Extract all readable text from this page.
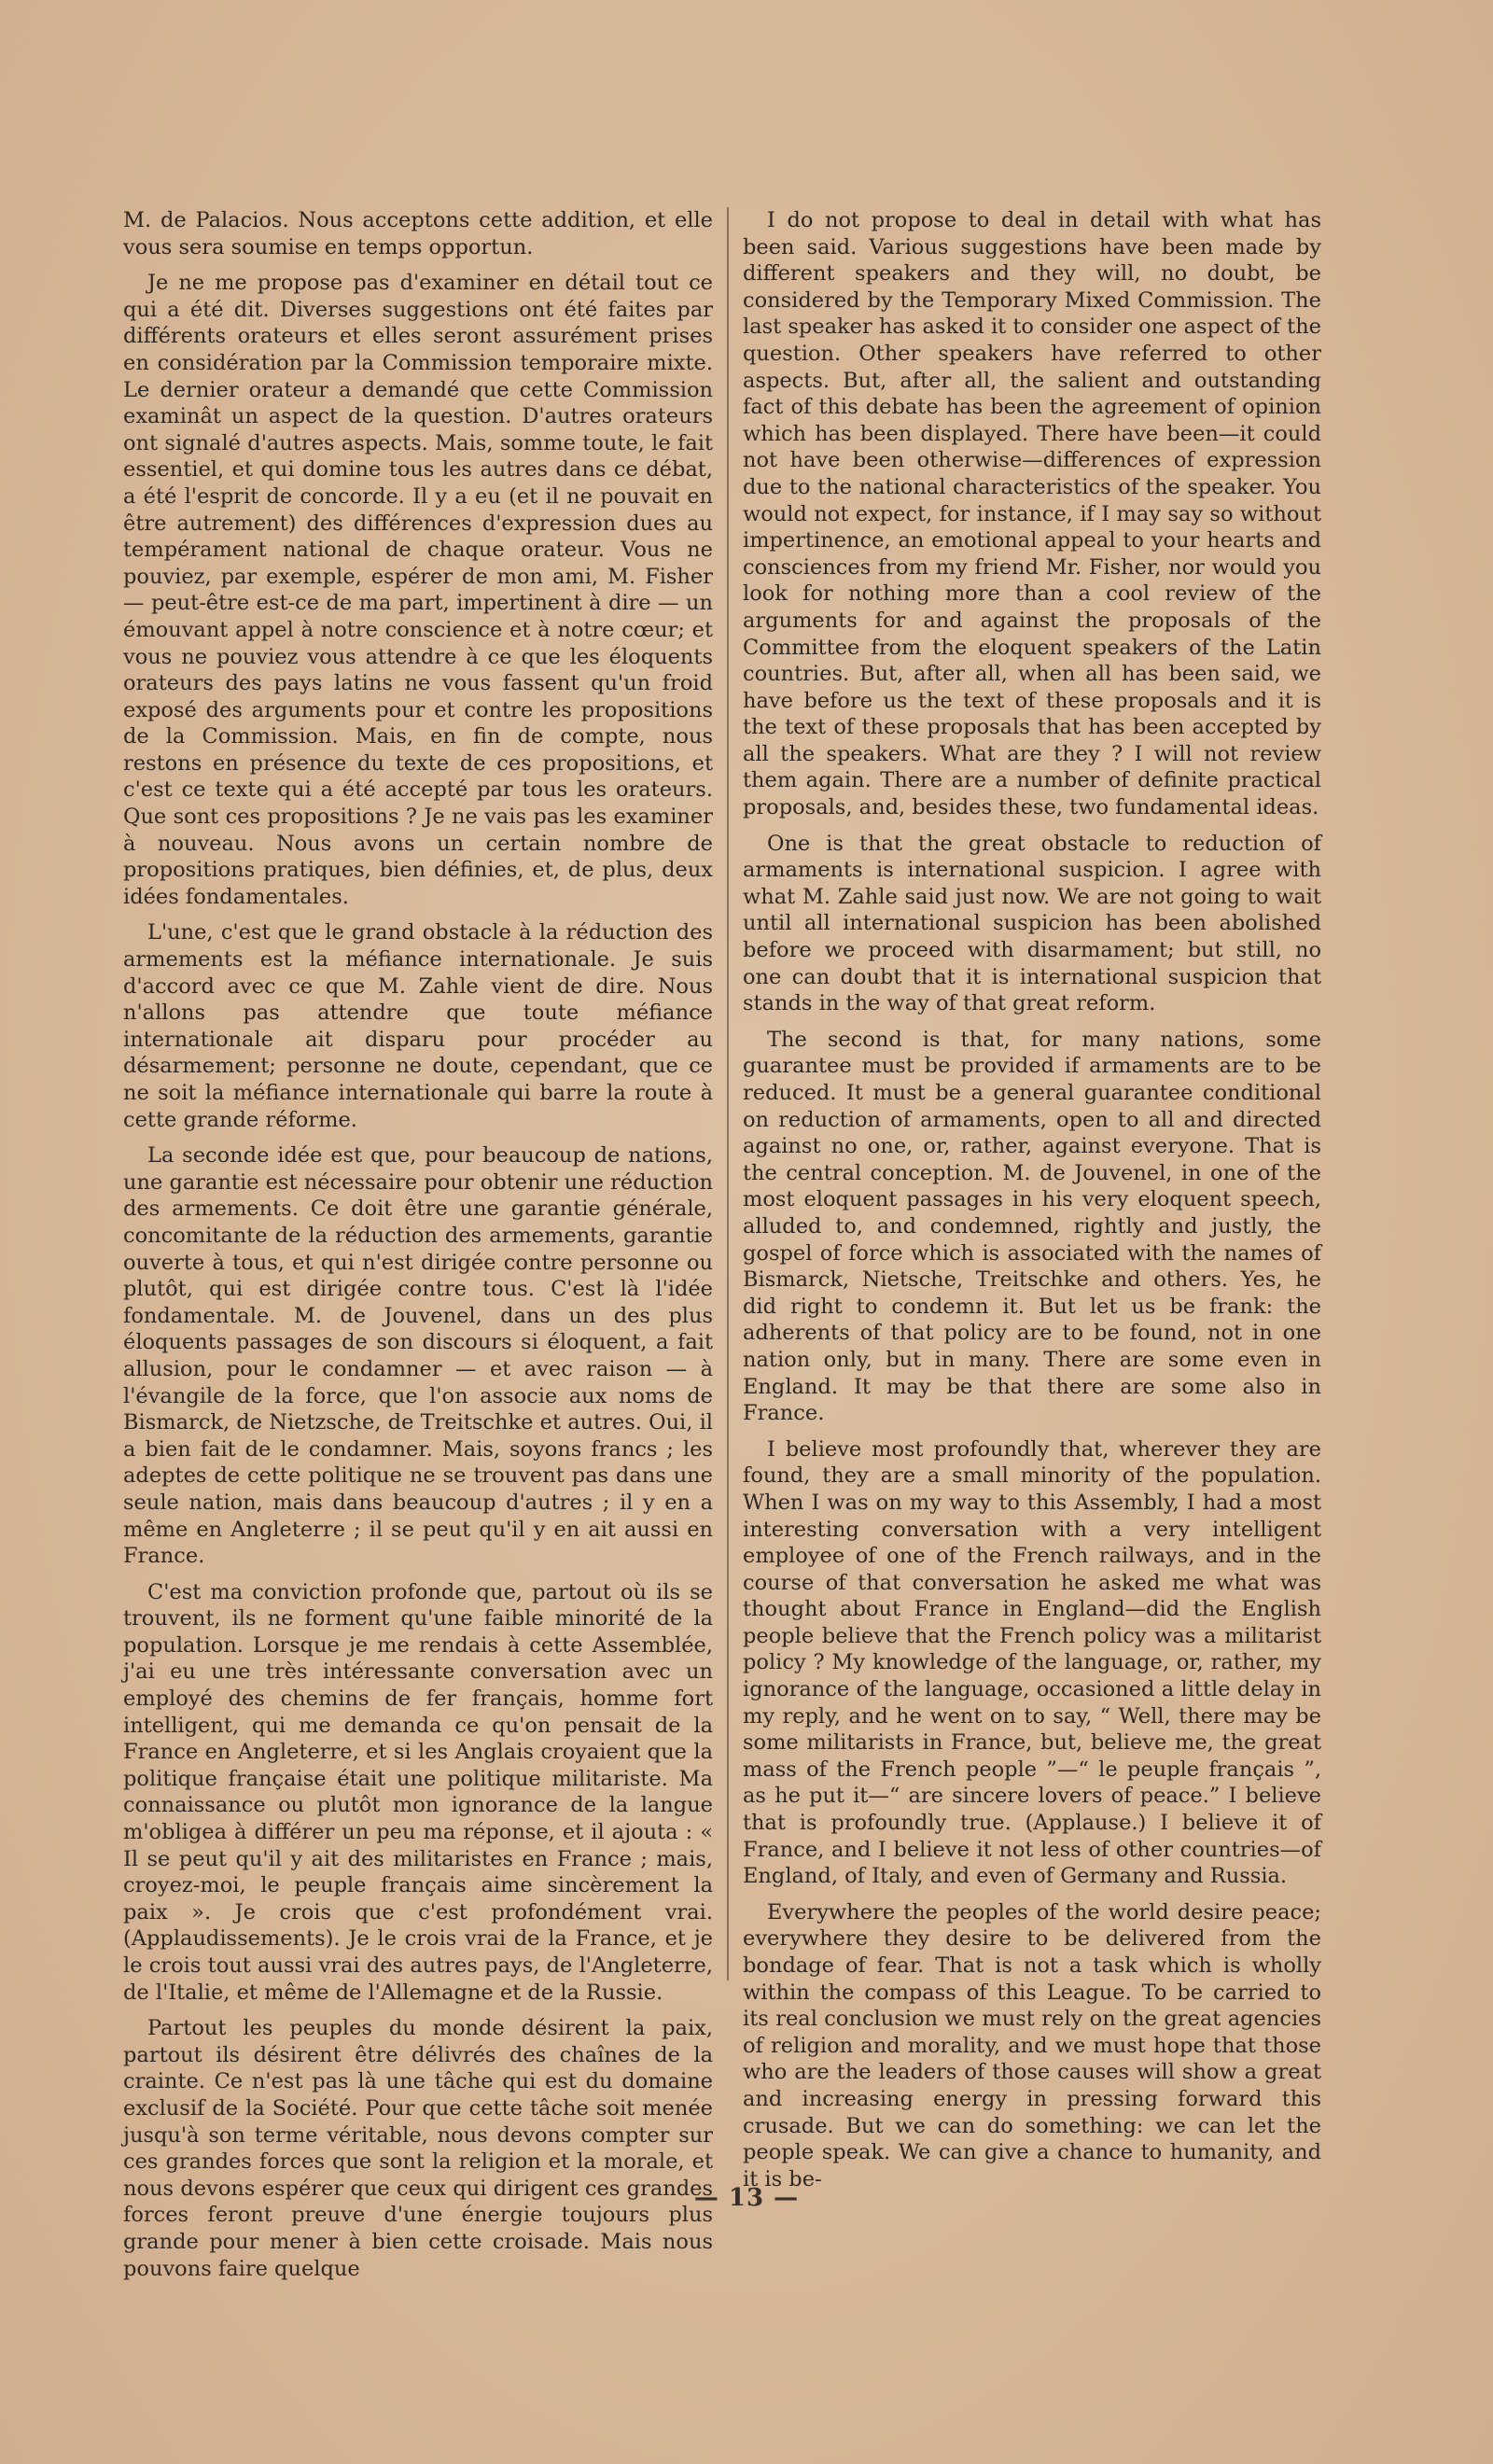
M. de Palacios. Nous acceptons cette addition, et elle vous sera soumise en temps opportun.

Je ne me propose pas d'examiner en détail tout ce qui a été dit. Diverses suggestions ont été faites par différents orateurs et elles seront assurément prises en considération par la Commission temporaire mixte. Le dernier orateur a demandé que cette Commission examinât un aspect de la question. D'autres orateurs ont signalé d'autres aspects. Mais, somme toute, le fait essentiel, et qui domine tous les autres dans ce débat, a été l'esprit de concorde. Il y a eu (et il ne pouvait en être autrement) des différences d'expression dues au tempérament national de chaque orateur. Vous ne pouviez, par exemple, espérer de mon ami, M. Fisher — peut-être est-ce de ma part, impertinent à dire — un émouvant appel à notre conscience et à notre cœur; et vous ne pouviez vous attendre à ce que les éloquents orateurs des pays latins ne vous fassent qu'un froid exposé des arguments pour et contre les propositions de la Commission. Mais, en fin de compte, nous restons en présence du texte de ces propositions, et c'est ce texte qui a été accepté par tous les orateurs. Que sont ces propositions ? Je ne vais pas les examiner à nouveau. Nous avons un certain nombre de propositions pratiques, bien définies, et, de plus, deux idées fondamentales.

L'une, c'est que le grand obstacle à la réduction des armements est la méfiance internationale. Je suis d'accord avec ce que M. Zahle vient de dire. Nous n'allons pas attendre que toute méfiance internationale ait disparu pour procéder au désarmement; personne ne doute, cependant, que ce ne soit la méfiance internationale qui barre la route à cette grande réforme.

La seconde idée est que, pour beaucoup de nations, une garantie est nécessaire pour obtenir une réduction des armements. Ce doit être une garantie générale, concomitante de la réduction des armements, garantie ouverte à tous, et qui n'est dirigée contre personne ou plutôt, qui est dirigée contre tous. C'est là l'idée fondamentale. M. de Jouvenel, dans un des plus éloquents passages de son discours si éloquent, a fait allusion, pour le condamner — et avec raison — à l'évangile de la force, que l'on associe aux noms de Bismarck, de Nietzsche, de Treitschke et autres. Oui, il a bien fait de le condamner. Mais, soyons francs ; les adeptes de cette politique ne se trouvent pas dans une seule nation, mais dans beaucoup d'autres ; il y en a même en Angleterre ; il se peut qu'il y en ait aussi en France.

C'est ma conviction profonde que, partout où ils se trouvent, ils ne forment qu'une faible minorité de la population. Lorsque je me rendais à cette Assemblée, j'ai eu une très intéressante conversation avec un employé des chemins de fer français, homme fort intelligent, qui me demanda ce qu'on pensait de la France en Angleterre, et si les Anglais croyaient que la politique française était une politique militariste. Ma connaissance ou plutôt mon ignorance de la langue m'obligea à différer un peu ma réponse, et il ajouta : « Il se peut qu'il y ait des militaristes en France ; mais, croyez-moi, le peuple français aime sincèrement la paix ». Je crois que c'est profondément vrai. (Applaudissements). Je le crois vrai de la France, et je le crois tout aussi vrai des autres pays, de l'Angleterre, de l'Italie, et même de l'Allemagne et de la Russie.

Partout les peuples du monde désirent la paix, partout ils désirent être délivrés des chaînes de la crainte. Ce n'est pas là une tâche qui est du domaine exclusif de la Société. Pour que cette tâche soit menée jusqu'à son terme véritable, nous devons compter sur ces grandes forces que sont la religion et la morale, et nous devons espérer que ceux qui dirigent ces grandes forces feront preuve d'une énergie toujours plus grande pour mener à bien cette croisade. Mais nous pouvons faire quelque

I do not propose to deal in detail with what has been said. Various suggestions have been made by different speakers and they will, no doubt, be considered by the Temporary Mixed Commission. The last speaker has asked it to consider one aspect of the question. Other speakers have referred to other aspects. But, after all, the salient and outstanding fact of this debate has been the agreement of opinion which has been displayed. There have been—it could not have been otherwise—differences of expression due to the national characteristics of the speaker. You would not expect, for instance, if I may say so without impertinence, an emotional appeal to your hearts and consciences from my friend Mr. Fisher, nor would you look for nothing more than a cool review of the arguments for and against the proposals of the Committee from the eloquent speakers of the Latin countries. But, after all, when all has been said, we have before us the text of these proposals and it is the text of these proposals that has been accepted by all the speakers. What are they ? I will not review them again. There are a number of definite practical proposals, and, besides these, two fundamental ideas.

One is that the great obstacle to reduction of armaments is international suspicion. I agree with what M. Zahle said just now. We are not going to wait until all international suspicion has been abolished before we proceed with disarmament; but still, no one can doubt that it is international suspicion that stands in the way of that great reform.

The second is that, for many nations, some guarantee must be provided if armaments are to be reduced. It must be a general guarantee conditional on reduction of armaments, open to all and directed against no one, or, rather, against everyone. That is the central conception. M. de Jouvenel, in one of the most eloquent passages in his very eloquent speech, alluded to, and condemned, rightly and justly, the gospel of force which is associated with the names of Bismarck, Nietsche, Treitschke and others. Yes, he did right to condemn it. But let us be frank: the adherents of that policy are to be found, not in one nation only, but in many. There are some even in England. It may be that there are some also in France.

I believe most profoundly that, wherever they are found, they are a small minority of the population. When I was on my way to this Assembly, I had a most interesting conversation with a very intelligent employee of one of the French railways, and in the course of that conversation he asked me what was thought about France in England—did the English people believe that the French policy was a militarist policy ? My knowledge of the language, or, rather, my ignorance of the language, occasioned a little delay in my reply, and he went on to say, “ Well, there may be some militarists in France, but, believe me, the great mass of the French people ”—“ le peuple français ”, as he put it—“ are sincere lovers of peace.” I believe that is profoundly true. (Applause.) I believe it of France, and I believe it not less of other countries—of England, of Italy, and even of Germany and Russia.

Everywhere the peoples of the world desire peace; everywhere they desire to be delivered from the bondage of fear. That is not a task which is wholly within the compass of this League. To be carried to its real conclusion we must rely on the great agencies of religion and morality, and we must hope that those who are the leaders of those causes will show a great and increasing energy in pressing forward this crusade. But we can do something: we can let the people speak. We can give a chance to humanity, and it is be-

— 13 —
